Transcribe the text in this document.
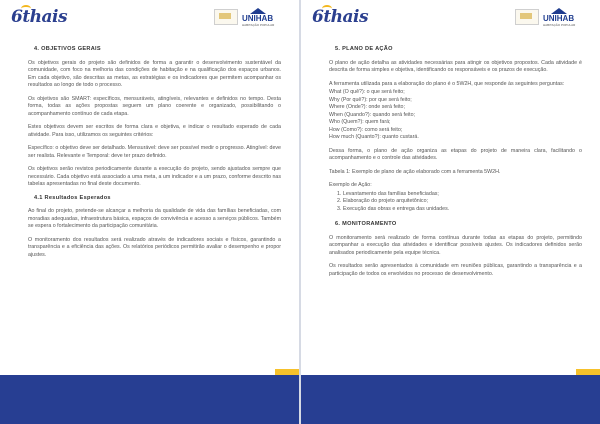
6thais	UNIHAB
HABITAÇÃO POPULAR
4. OBJETIVOS GERAIS
Os objetivos gerais do projeto são definidos de forma a garantir o desenvolvimento sustentável da comunidade, com foco na melhoria das condições de habitação e na qualificação dos espaços urbanos. Em cada objetivo, são descritas as metas, as estratégias e os indicadores que permitem acompanhar os resultados ao longo de todo o processo.
Os objetivos são SMART: específicos, mensuráveis, atingíveis, relevantes e definidos no tempo. Desta forma, todas as ações propostas seguem um plano coerente e organizado, possibilitando o acompanhamento contínuo de cada etapa.
Estes objetivos devem ser escritos de forma clara e objetiva, e indicar o resultado esperado de cada atividade. Para isso, utilizamos os seguintes critérios:
Específico: o objetivo deve ser detalhado. Mensurável: deve ser possível medir o progresso. Atingível: deve ser realista. Relevante e Temporal: deve ter prazo definido.
Os objetivos serão revistos periodicamente durante a execução do projeto, sendo ajustados sempre que necessário. Cada objetivo está associado a uma meta, a um indicador e a um prazo, conforme descrito nas tabelas apresentadas no final deste documento.
4.1 Resultados Esperados
Ao final do projeto, pretende-se alcançar a melhoria da qualidade de vida das famílias beneficiadas, com moradias adequadas, infraestrutura básica, espaços de convivência e acesso a serviços públicos. Também se espera o fortalecimento da participação comunitária.
O monitoramento dos resultados será realizado através de indicadores sociais e físicos, garantindo a transparência e a eficiência das ações. Os relatórios periódicos permitirão avaliar o desempenho e propor ajustes.
6thais	UNIHAB
HABITAÇÃO POPULAR
5. PLANO DE AÇÃO
O plano de ação detalha as atividades necessárias para atingir os objetivos propostos. Cada atividade é descrita de forma simples e objetiva, identificando os responsáveis e os prazos de execução.
A ferramenta utilizada para a elaboração do plano é o 5W2H, que responde às seguintes perguntas:
What (O quê?): o que será feito;
Why (Por quê?): por que será feito;
Where (Onde?): onde será feito;
When (Quando?): quando será feito;
Who (Quem?): quem fará;
How (Como?): como será feito;
How much (Quanto?): quanto custará.
Dessa forma, o plano de ação organiza as etapas do projeto de maneira clara, facilitando o acompanhamento e o controle das atividades.
Tabela 1: Exemplo de plano de ação elaborado com a ferramenta 5W2H.
Exemplo de Ação:
1. Levantamento das famílias beneficiadas;
2. Elaboração do projeto arquitetônico;
3. Execução das obras e entrega das unidades.
6. MONITORAMENTO
O monitoramento será realizado de forma contínua durante todas as etapas do projeto, permitindo acompanhar a execução das atividades e identificar possíveis ajustes. Os indicadores definidos serão analisados periodicamente pela equipe técnica.
Os resultados serão apresentados à comunidade em reuniões públicas, garantindo a transparência e a participação de todos os envolvidos no processo de desenvolvimento.
